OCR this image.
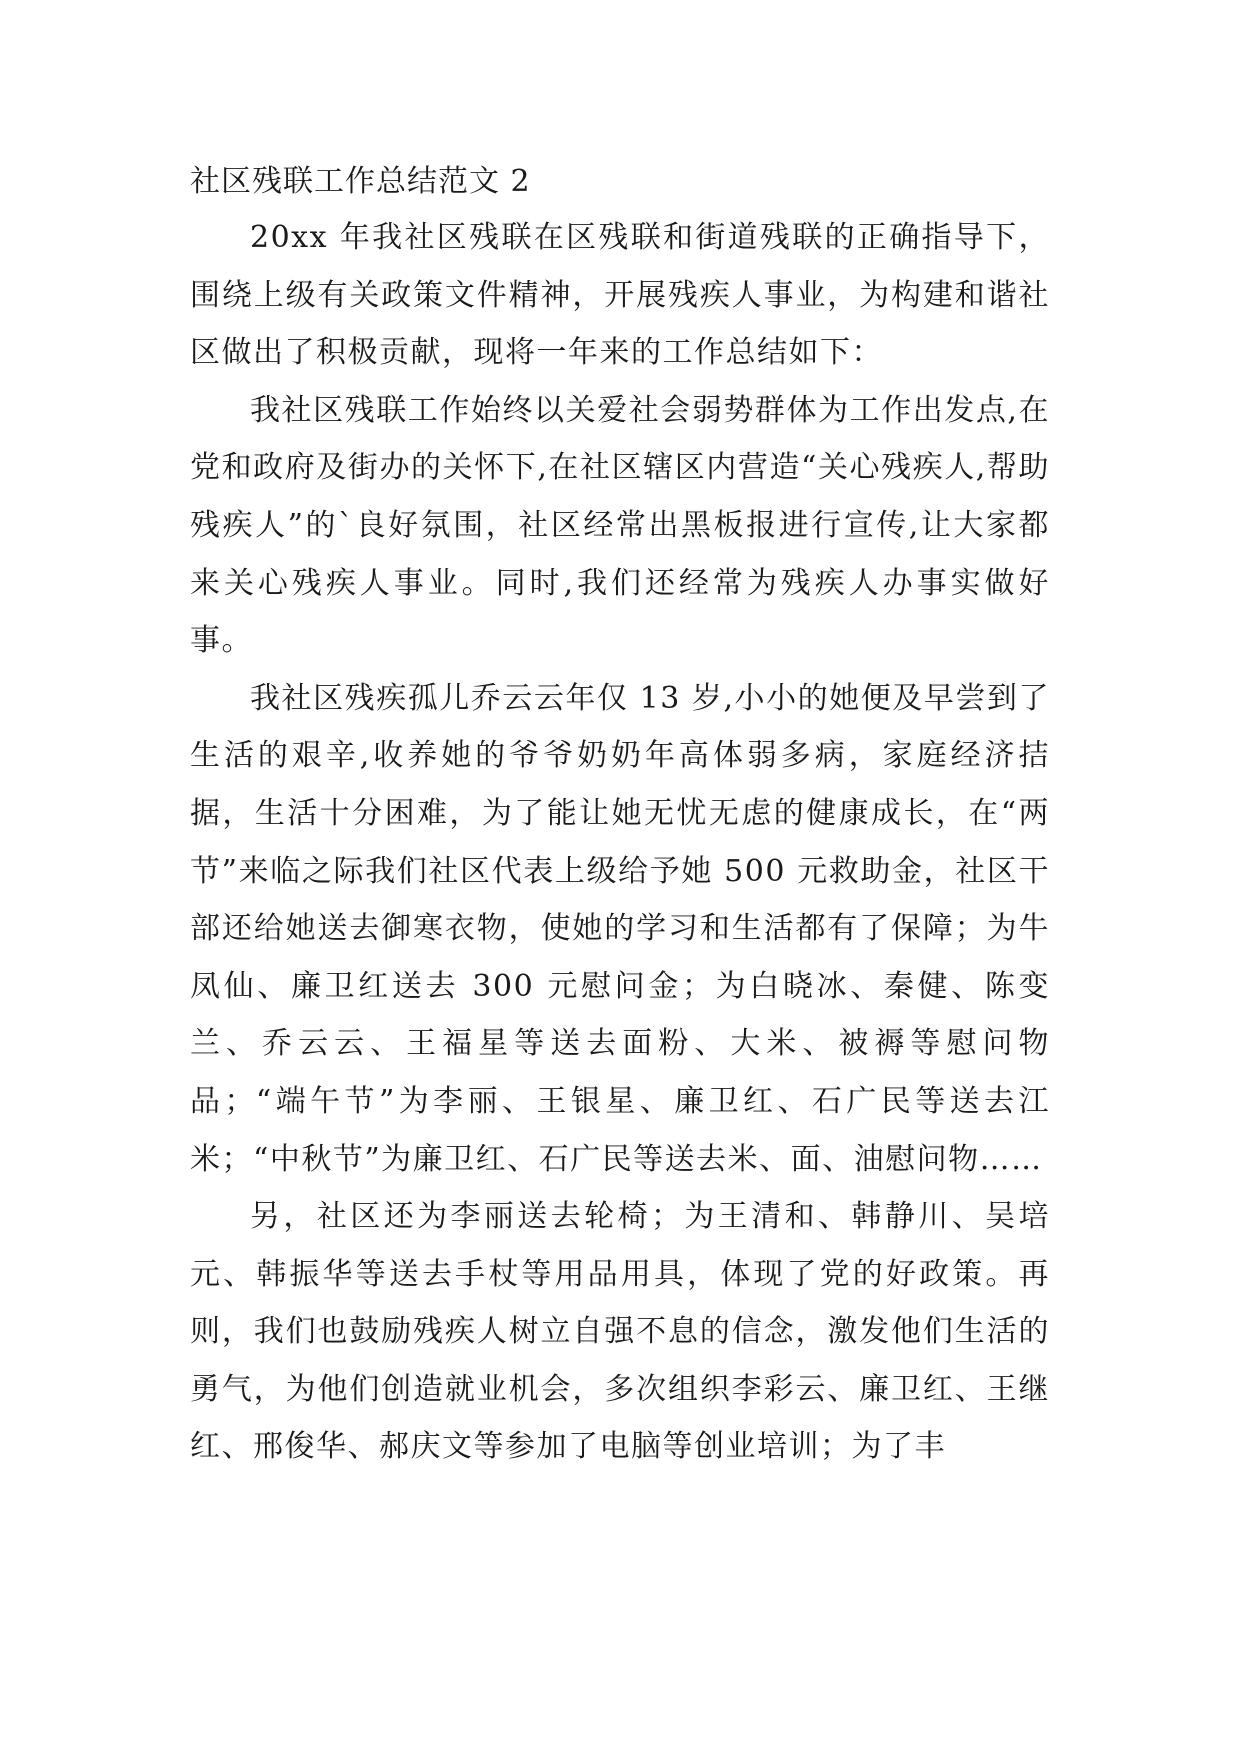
社区残联工作总结范文 2

20xx 年我社区残联在区残联和街道残联的正确指导下，围绕上级有关政策文件精神，开展残疾人事业，为构建和谐社区做出了积极贡献，现将一年来的工作总结如下：

我社区残联工作始终以关爱社会弱势群体为工作出发点,在党和政府及街办的关怀下,在社区辖区内营造“关心残疾人,帮助残疾人”的`良好氛围，社区经常出黑板报进行宣传,让大家都来关心残疾人事业。同时,我们还经常为残疾人办事实做好事。

我社区残疾孤儿乔云云年仅 13 岁,小小的她便及早尝到了生活的艰辛,收养她的爷爷奶奶年高体弱多病，家庭经济拮据，生活十分困难，为了能让她无忧无虑的健康成长，在“两节”来临之际我们社区代表上级给予她 500 元救助金，社区干部还给她送去御寒衣物，使她的学习和生活都有了保障；为牛凤仙、廉卫红送去 300 元慰问金；为白晓冰、秦健、陈变兰、乔云云、王福星等送去面粉、大米、被褥等慰问物品；“端午节”为李丽、王银星、廉卫红、石广民等送去江米；“中秋节”为廉卫红、石广民等送去米、面、油慰问物……

另，社区还为李丽送去轮椅；为王清和、韩静川、吴培元、韩振华等送去手杖等用品用具，体现了党的好政策。再则，我们也鼓励残疾人树立自强不息的信念，激发他们生活的勇气，为他们创造就业机会，多次组织李彩云、廉卫红、王继红、邢俊华、郝庆文等参加了电脑等创业培训；为了丰
